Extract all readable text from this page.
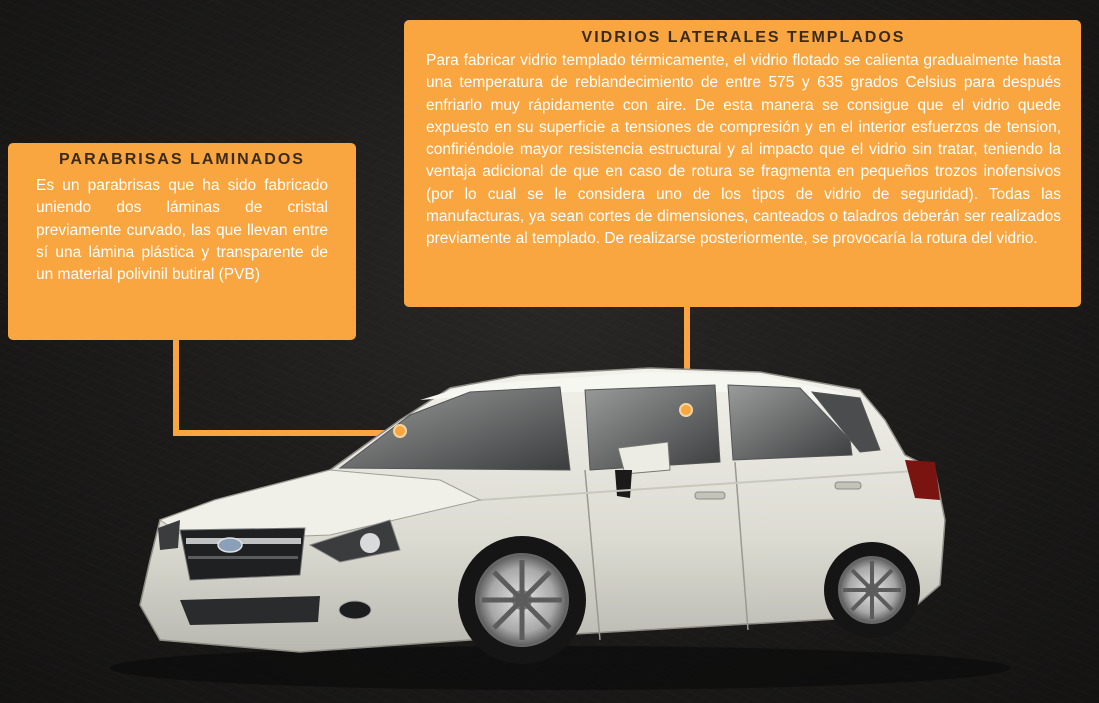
PARABRISAS LAMINADOS

Es un parabrisas que ha sido fabricado uniendo dos láminas de cristal previamente curvado, las que llevan entre sí una lámina plástica y transparente de un material polivinil butiral (PVB)

VIDRIOS LATERALES TEMPLADOS

Para fabricar vidrio templado térmicamente, el vidrio flotado se calienta gradualmente hasta una temperatura de reblandecimiento de entre 575 y 635 grados Celsius para después enfriarlo muy rápidamente con aire. De esta manera se consigue que el vidrio quede expuesto en su superficie a tensiones de compresión y en el interior esfuerzos de tension, confiriéndole mayor resistencia estructural y al impacto que el vidrio sin tratar, teniendo la ventaja adicional de que en caso de rotura se fragmenta en pequeños trozos inofensivos (por lo cual se le considera uno de los tipos de vidrio de seguridad). Todas las manufacturas, ya sean cortes de dimensiones, canteados o taladros deberán ser realizados previamente al templado. De realizarse posteriormente, se provocaría la rotura del vidrio.
